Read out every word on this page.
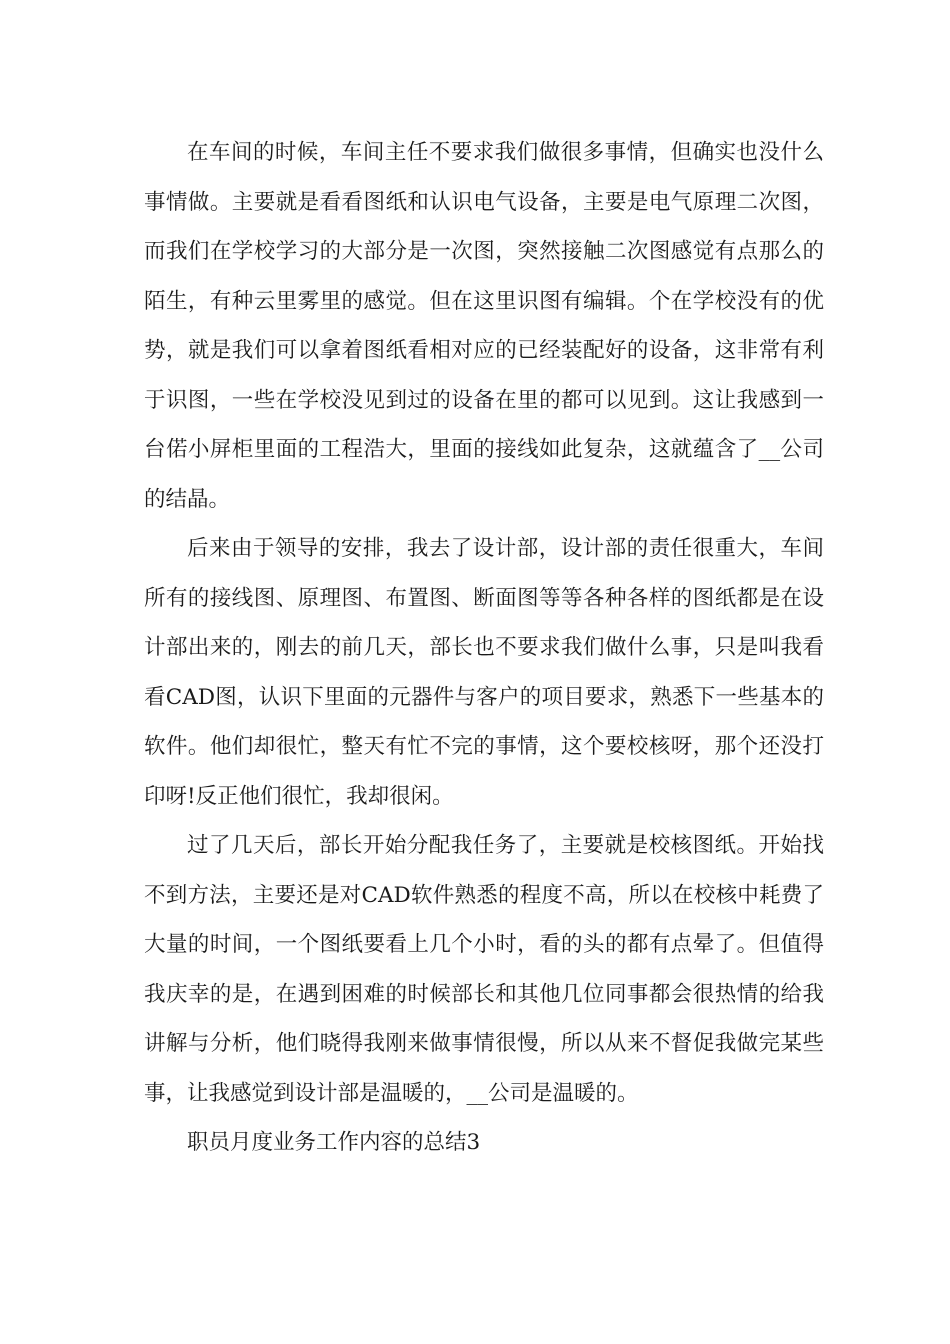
在车间的时候，车间主任不要求我们做很多事情，但确实也没什么事情做。主要就是看看图纸和认识电气设备，主要是电气原理二次图，而我们在学校学习的大部分是一次图，突然接触二次图感觉有点那么的陌生，有种云里雾里的感觉。但在这里识图有编辑。个在学校没有的优势，就是我们可以拿着图纸看相对应的已经装配好的设备，这非常有利于识图，一些在学校没见到过的设备在里的都可以见到。这让我感到一台偌小屏柜里面的工程浩大，里面的接线如此复杂，这就蕴含了__公司的结晶。

后来由于领导的安排，我去了设计部，设计部的责任很重大，车间所有的接线图、原理图、布置图、断面图等等各种各样的图纸都是在设计部出来的，刚去的前几天，部长也不要求我们做什么事，只是叫我看看CAD图，认识下里面的元器件与客户的项目要求，熟悉下一些基本的软件。他们却很忙，整天有忙不完的事情，这个要校核呀，那个还没打印呀!反正他们很忙，我却很闲。

过了几天后，部长开始分配我任务了，主要就是校核图纸。开始找不到方法，主要还是对CAD软件熟悉的程度不高，所以在校核中耗费了大量的时间，一个图纸要看上几个小时，看的头的都有点晕了。但值得我庆幸的是，在遇到困难的时候部长和其他几位同事都会很热情的给我讲解与分析，他们晓得我刚来做事情很慢，所以从来不督促我做完某些事，让我感觉到设计部是温暖的，__公司是温暖的。

职员月度业务工作内容的总结3
